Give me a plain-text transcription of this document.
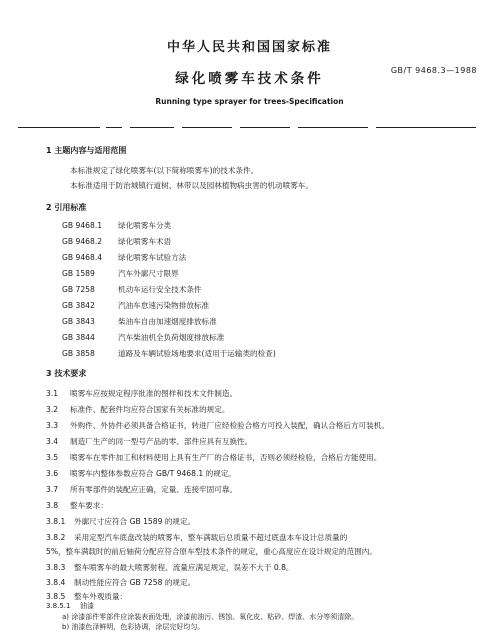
中华人民共和国国家标准
GB/T 9468.3—1988
绿化喷雾车技术条件
Running type sprayer for trees-Specification
1 主题内容与适用范围
本标准规定了绿化喷雾车(以下简称喷雾车)的技术条件。
本标准适用于防治城镇行道树、林带以及园林植物病虫害的机动喷雾车。
2 引用标准
GB 9468.1 绿化喷雾车分类
GB 9468.2 绿化喷雾车术语
GB 9468.4 绿化喷雾车试验方法
GB 1589	汽车外廓尺寸限界
GB 7258	机动车运行安全技术条件
GB 3842	汽油车怠速污染物排放标准
GB 3843	柴油车自由加速烟度排放标准
GB 3844	汽车柴油机全负荷烟度排放标准
GB 3858	道路及车辆试验场地要求(适用于运输类的检查)
3 技术要求
3.1 喷雾车应按规定程序批准的图样和技术文件制造。
3.2 标准件、配套件均应符合国家有关标准的规定。
3.3 外购件、外协件必须具备合格证书，转进厂应经检验合格方可投入装配，确认合格后方可装机。
3.4 制造厂生产的同一型号产品的零、部件应具有互换性。
3.5 喷雾车在零件加工和材料使用上具有生产厂的合格证书，否则必须经检验，合格后方能使用。
3.6 喷雾车内整体参数应符合 GB/T 9468.1 的规定。
3.7 所有零部件的装配应正确，定量、连接牢固可靠。
3.8 整车要求：
3.8.1 外廓尺寸应符合 GB 1589 的规定。
3.8.2 采用定型汽车底盘改装的喷雾车，整车满载后总质量不超过底盘本车设计总质量的
5%，整车满载时的前后轴荷分配应符合原车型技术条件的规定，重心高度应在设计规定的范围内。
3.8.3 整车喷雾车的最大喷雾射程、流量应满足规定，误差不大于 0.8。
3.8.4 制动性能应符合 GB 7258 的规定。
3.8.5 整车外观质量：
3.8.5.1 油漆
a) 涂漆部件零部件应涂装表面处理，涂漆前油污、锈蚀、氧化皮、粘砂、焊渣、水分等须清除。
b) 油漆色泽鲜明，色彩协调，涂层完好均匀。
